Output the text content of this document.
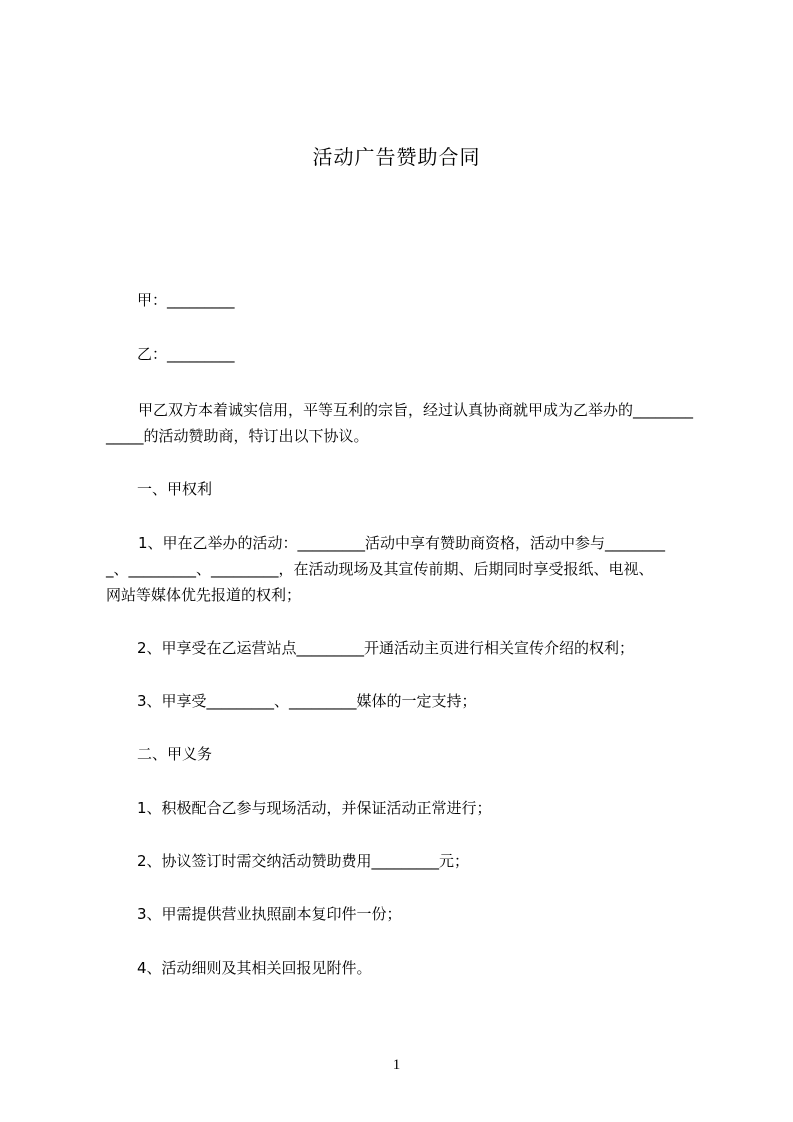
活动广告赞助合同
甲：_________
乙：_________
甲乙双方本着诚实信用，平等互利的宗旨，经过认真协商就甲成为乙举办的________
_____的活动赞助商，特订出以下协议。
一、甲权利
1、甲在乙举办的活动：_________活动中享有赞助商资格，活动中参与________
_、_________、_________，在活动现场及其宣传前期、后期同时享受报纸、电视、
网站等媒体优先报道的权利；
2、甲享受在乙运营站点_________开通活动主页进行相关宣传介绍的权利；
3、甲享受_________、_________媒体的一定支持；
二、甲义务
1、积极配合乙参与现场活动，并保证活动正常进行；
2、协议签订时需交纳活动赞助费用_________元；
3、甲需提供营业执照副本复印件一份；
4、活动细则及其相关回报见附件。
1
